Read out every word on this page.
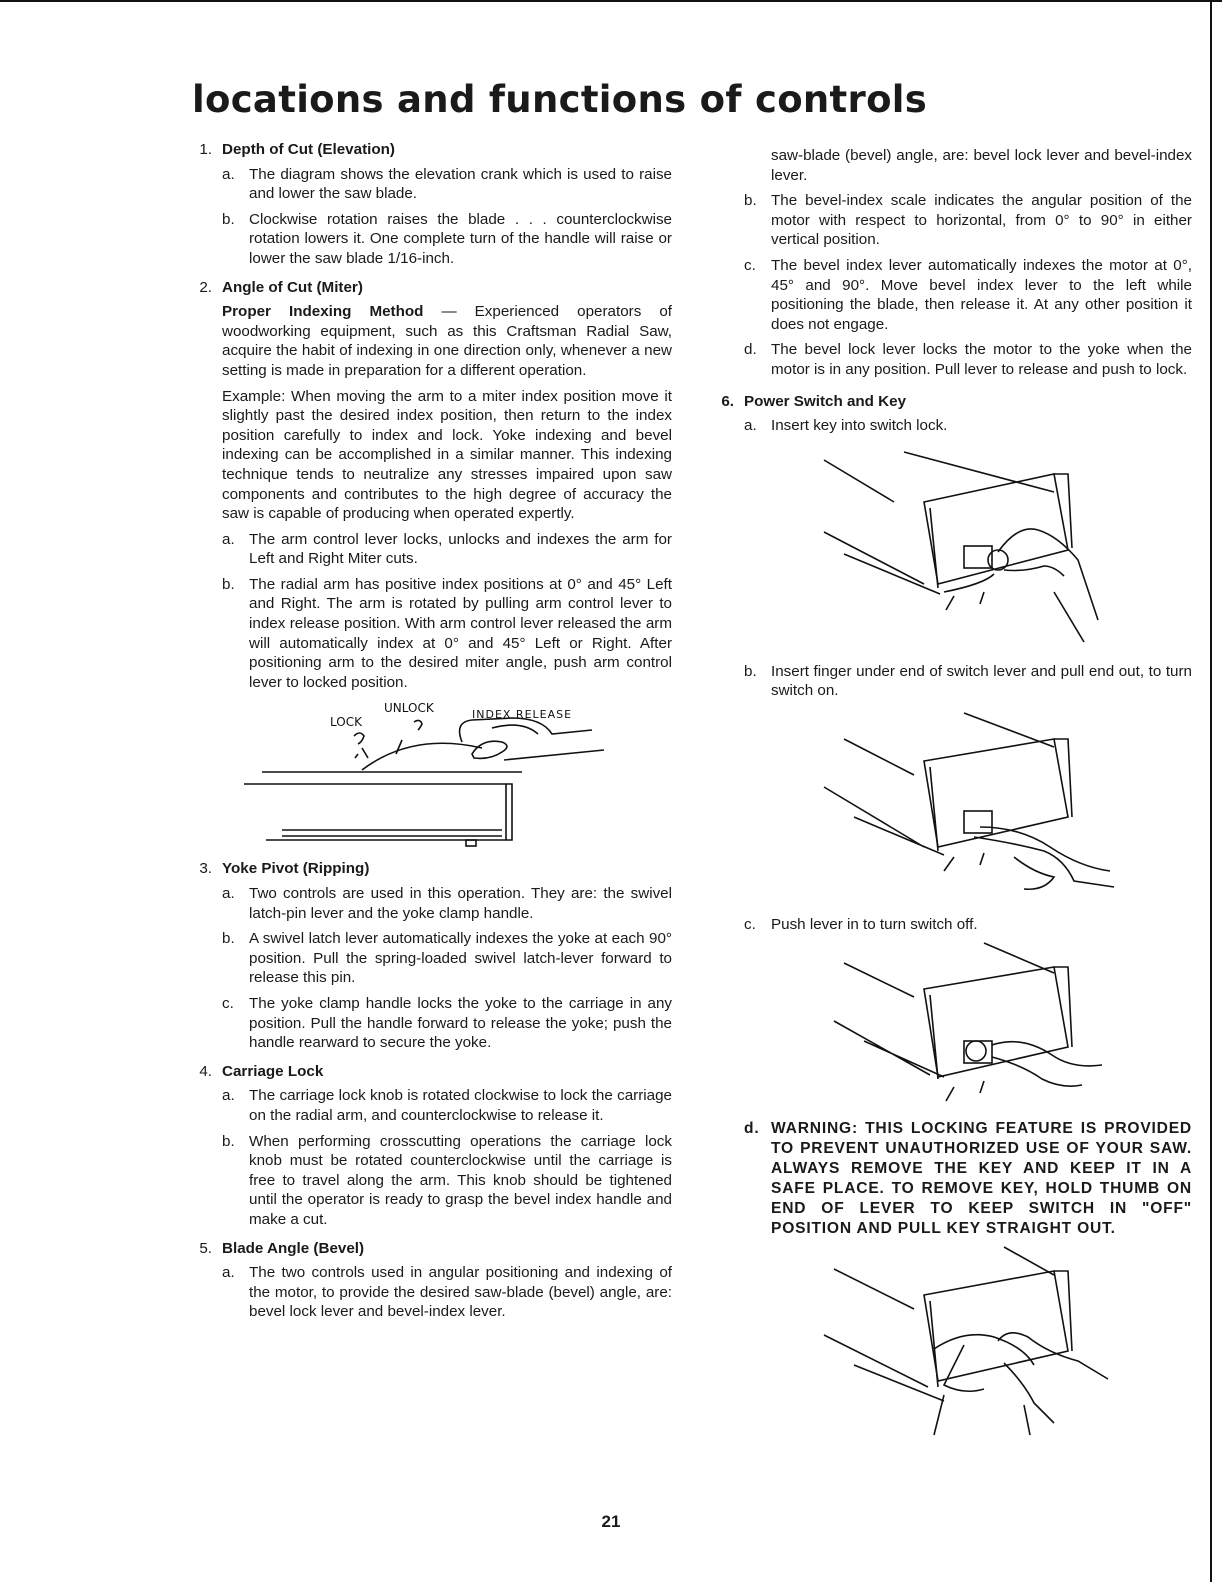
locations and functions of controls
1. Depth of Cut (Elevation)
a. The diagram shows the elevation crank which is used to raise and lower the saw blade.
b. Clockwise rotation raises the blade . . . counterclockwise rotation lowers it. One complete turn of the handle will raise or lower the saw blade 1/16-inch.
2. Angle of Cut (Miter)
Proper Indexing Method — Experienced operators of woodworking equipment, such as this Craftsman Radial Saw, acquire the habit of indexing in one direction only, whenever a new setting is made in preparation for a different operation.
Example: When moving the arm to a miter index position move it slightly past the desired index position, then return to the index position carefully to index and lock. Yoke indexing and bevel indexing can be accomplished in a similar manner. This indexing technique tends to neutralize any stresses impaired upon saw components and contributes to the high degree of accuracy the saw is capable of producing when operated expertly.
a. The arm control lever locks, unlocks and indexes the arm for Left and Right Miter cuts.
b. The radial arm has positive index positions at 0° and 45° Left and Right. The arm is rotated by pulling arm control lever to index release position. With arm control lever released the arm will automatically index at 0° and 45° Left or Right. After positioning arm to the desired miter angle, push arm control lever to locked position.
LOCK
UNLOCK	INDEX RELEASE
3. Yoke Pivot (Ripping)
a. Two controls are used in this operation. They are: the swivel latch-pin lever and the yoke clamp handle.
b. A swivel latch lever automatically indexes the yoke at each 90° position. Pull the spring-loaded swivel latch-lever forward to release this pin.
c. The yoke clamp handle locks the yoke to the carriage in any position. Pull the handle forward to release the yoke; push the handle rearward to secure the yoke.
4. Carriage Lock
a. The carriage lock knob is rotated clockwise to lock the carriage on the radial arm, and counterclockwise to release it.
b. When performing crosscutting operations the carriage lock knob must be rotated counterclockwise until the carriage is free to travel along the arm. This knob should be tightened until the operator is ready to grasp the bevel index handle and make a cut.
5. Blade Angle (Bevel)
a. The two controls used in angular positioning and indexing of the motor, to provide the desired saw-blade (bevel) angle, are: bevel lock lever and bevel-index lever.
saw-blade (bevel) angle, are: bevel lock lever and bevel-index lever.
b. The bevel-index scale indicates the angular position of the motor with respect to horizontal, from 0° to 90° in either vertical position.
c. The bevel index lever automatically indexes the motor at 0°, 45° and 90°. Move bevel index lever to the left while positioning the blade, then release it. At any other position it does not engage.
d. The bevel lock lever locks the motor to the yoke when the motor is in any position. Pull lever to release and push to lock.
6. Power Switch and Key
a. Insert key into switch lock.
b. Insert finger under end of switch lever and pull end out, to turn switch on.
c. Push lever in to turn switch off.
d. WARNING: THIS LOCKING FEATURE IS PROVIDED TO PREVENT UNAUTHORIZED USE OF YOUR SAW. ALWAYS REMOVE THE KEY AND KEEP IT IN A SAFE PLACE. TO REMOVE KEY, HOLD THUMB ON END OF LEVER TO KEEP SWITCH IN "OFF" POSITION AND PULL KEY STRAIGHT OUT.
21
